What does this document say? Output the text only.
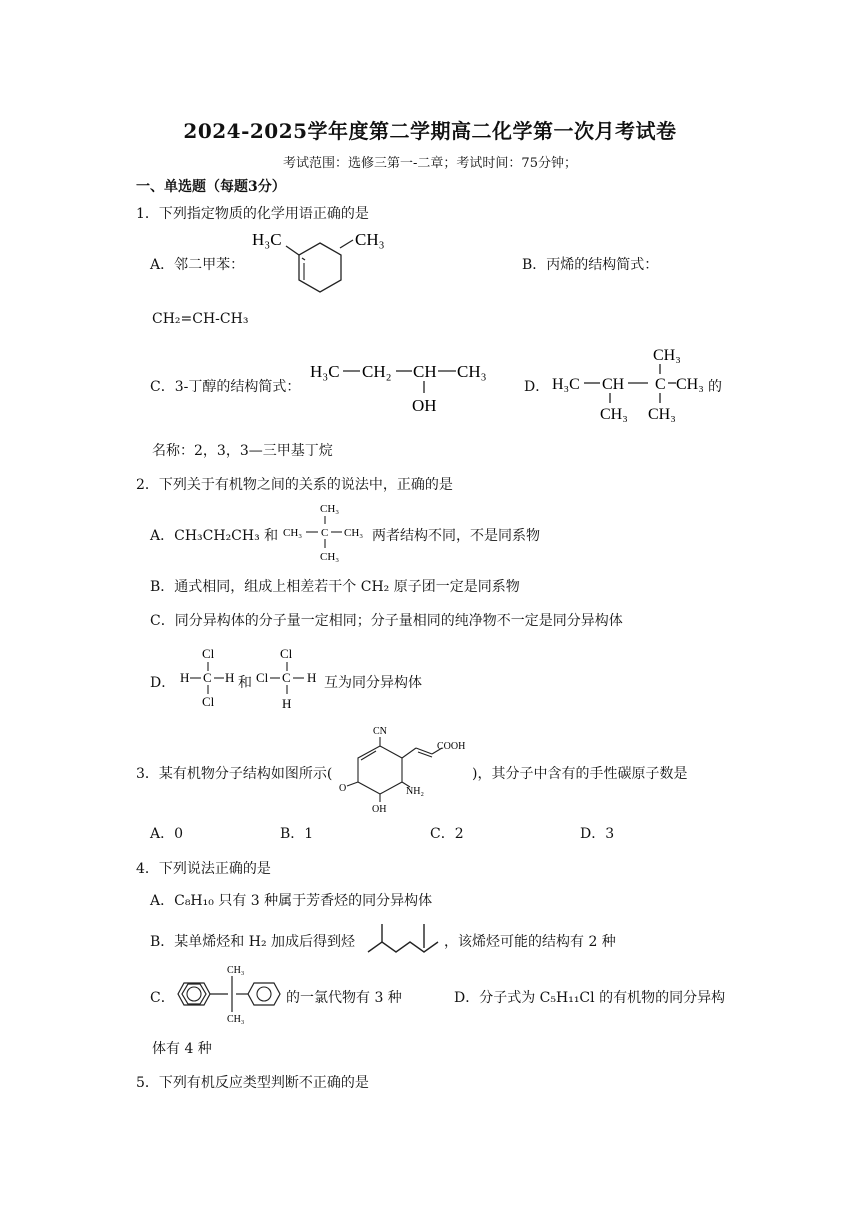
2024-2025学年度第二学期高二化学第一次月考试卷
考试范围：选修三第一-二章；考试时间：75分钟；
一、单选题（每题3分）
1．下列指定物质的化学用语正确的是
A．邻二甲苯：
H₃C	CH₃
B．丙烯的结构简式：
CH₂=CH-CH₃
C．3-丁醇的结构简式：
H₃C CH₂ CH CH₃
OH
D．
CH₃
H₃C CH C CH₃
CH₃ CH₃
的
名称：2，3，3—三甲基丁烷
2．下列关于有机物之间的关系的说法中，正确的是
A．CH₃CH₂CH₃ 和
CH₃
CH₃ C CH₃
CH₃
两者结构不同，不是同系物
B．通式相同，组成上相差若干个 CH₂ 原子团一定是同系物
C．同分异构体的分子量一定相同；分子量相同的纯净物不一定是同分异构体
D．
Cl
H C H
Cl
Cl
Cl C H
H
和	互为同分异构体
3．某有机物分子结构如图所示(
CN
COOH
O	NH₂
OH
)，其分子中含有的手性碳原子数是
A．0	B．1	C．2	D．3
4．下列说法正确的是
A．C₈H₁₀ 只有 3 种属于芳香烃的同分异构体
B．某单烯烃和 H₂ 加成后得到烃	，该烯烃可能的结构有 2 种
C．
CH₃
CH₃
的一氯代物有 3 种	D．分子式为 C₅H₁₁Cl 的有机物的同分异构
体有 4 种
5．下列有机反应类型判断不正确的是
